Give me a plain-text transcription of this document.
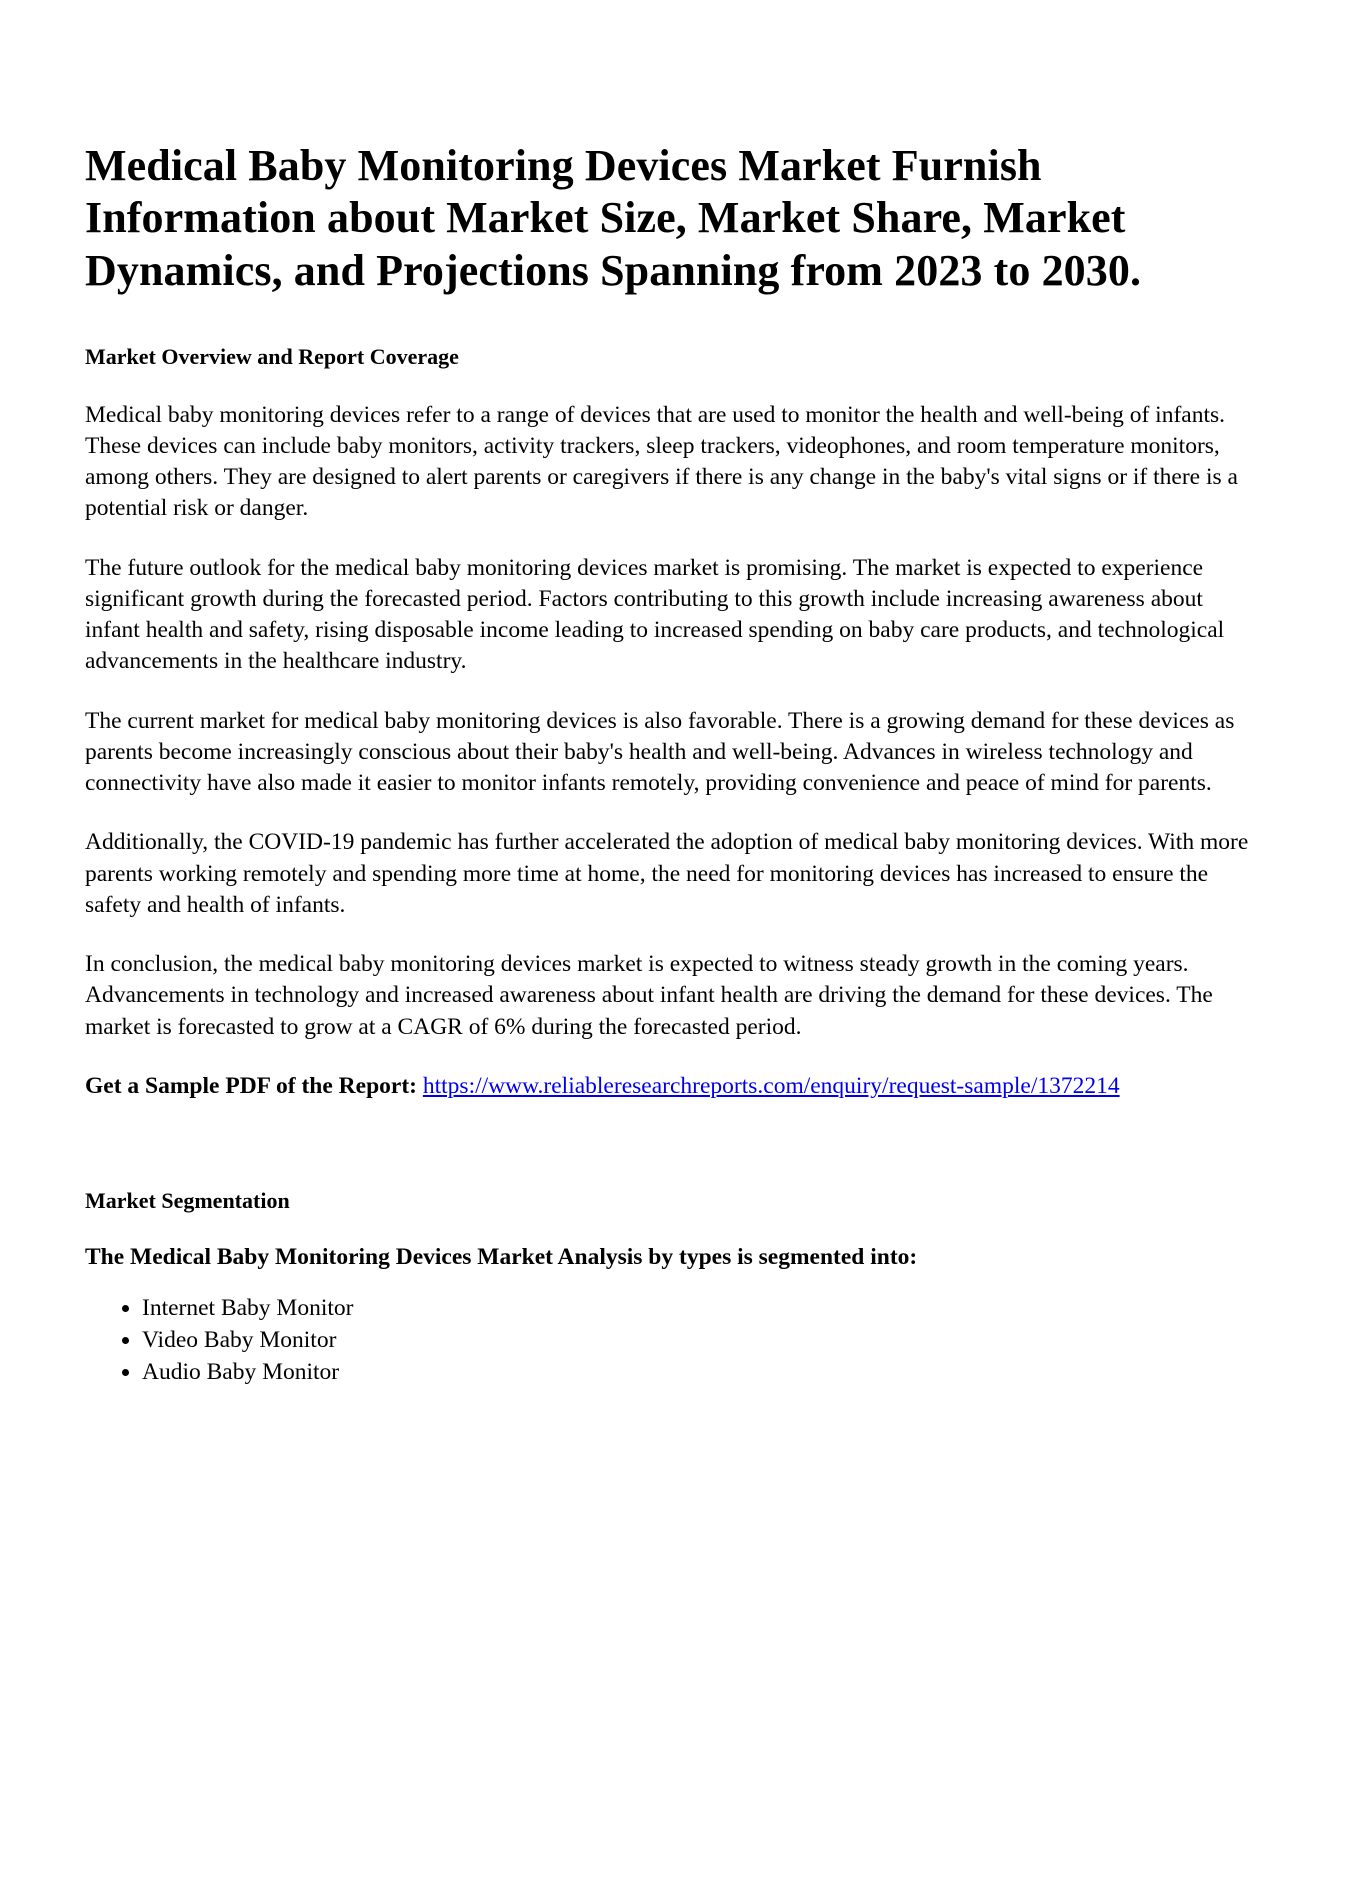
Medical Baby Monitoring Devices Market Furnish Information about Market Size, Market Share, Market Dynamics, and Projections Spanning from 2023 to 2030.
Market Overview and Report Coverage

Medical baby monitoring devices refer to a range of devices that are used to monitor the health and well-being of infants. These devices can include baby monitors, activity trackers, sleep trackers, videophones, and room temperature monitors, among others. They are designed to alert parents or caregivers if there is any change in the baby's vital signs or if there is a potential risk or danger.

The future outlook for the medical baby monitoring devices market is promising. The market is expected to experience significant growth during the forecasted period. Factors contributing to this growth include increasing awareness about infant health and safety, rising disposable income leading to increased spending on baby care products, and technological advancements in the healthcare industry.

The current market for medical baby monitoring devices is also favorable. There is a growing demand for these devices as parents become increasingly conscious about their baby's health and well-being. Advances in wireless technology and connectivity have also made it easier to monitor infants remotely, providing convenience and peace of mind for parents.

Additionally, the COVID-19 pandemic has further accelerated the adoption of medical baby monitoring devices. With more parents working remotely and spending more time at home, the need for monitoring devices has increased to ensure the safety and health of infants.

In conclusion, the medical baby monitoring devices market is expected to witness steady growth in the coming years. Advancements in technology and increased awareness about infant health are driving the demand for these devices. The market is forecasted to grow at a CAGR of 6% during the forecasted period.

Get a Sample PDF of the Report: https://www.reliableresearchreports.com/enquiry/request-sample/1372214

Market Segmentation

The Medical Baby Monitoring Devices Market Analysis by types is segmented into:

• Internet Baby Monitor
• Video Baby Monitor
• Audio Baby Monitor
